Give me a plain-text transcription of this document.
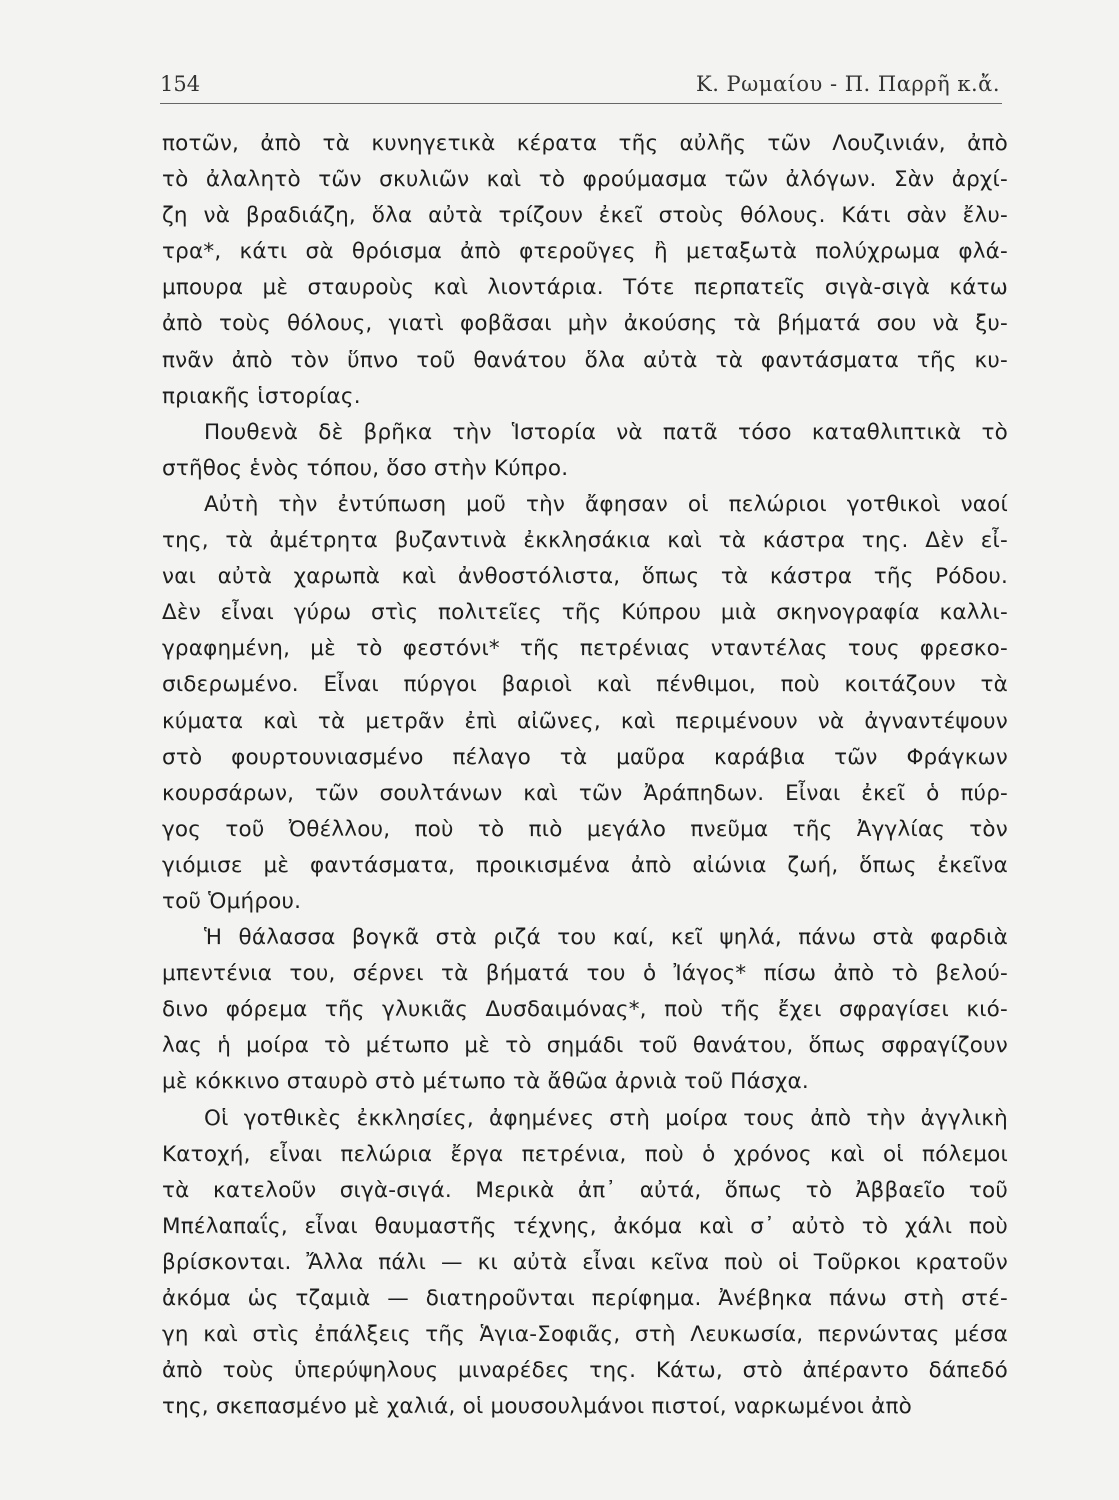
154	Κ. Ρωμαίου - Π. Παρρῆ κ.ἄ.
ποτῶν, ἀπὸ τὰ κυνηγετικὰ κέρατα τῆς αὐλῆς τῶν Λουζινιάν, ἀπὸ
τὸ ἀλαλητὸ τῶν σκυλιῶν καὶ τὸ φρούμασμα τῶν ἀλόγων. Σὰν ἀρχί-
ζη νὰ βραδιάζη, ὅλα αὐτὰ τρίζουν ἐκεῖ στοὺς θόλους. Κάτι σὰν ἔλυ-
τρα*, κάτι σὰ θρόισμα ἀπὸ φτεροῦγες ἢ μεταξωτὰ πολύχρωμα φλά-
μπουρα μὲ σταυροὺς καὶ λιοντάρια. Τότε περπατεῖς σιγὰ-σιγὰ κάτω
ἀπὸ τοὺς θόλους, γιατὶ φοβᾶσαι μὴν ἀκούσης τὰ βήματά σου νὰ ξυ-
πνᾶν ἀπὸ τὸν ὕπνο τοῦ θανάτου ὅλα αὐτὰ τὰ φαντάσματα τῆς κυ-
πριακῆς ἱστορίας.
Πουθενὰ δὲ βρῆκα τὴν Ἱστορία νὰ πατᾶ τόσο καταθλιπτικὰ τὸ
στῆθος ἑνὸς τόπου, ὅσο στὴν Κύπρο.
Αὐτὴ τὴν ἐντύπωση μοῦ τὴν ἄφησαν οἱ πελώριοι γοτθικοὶ ναοί
της, τὰ ἀμέτρητα βυζαντινὰ ἐκκλησάκια καὶ τὰ κάστρα της. Δὲν εἶ-
ναι αὐτὰ χαρωπὰ καὶ ἀνθοστόλιστα, ὅπως τὰ κάστρα τῆς Ρόδου.
Δὲν εἶναι γύρω στὶς πολιτεῖες τῆς Κύπρου μιὰ σκηνογραφία καλλι-
γραφημένη, μὲ τὸ φεστόνι* τῆς πετρένιας νταντέλας τους φρεσκο-
σιδερωμένο. Εἶναι πύργοι βαριοὶ καὶ πένθιμοι, ποὺ κοιτάζουν τὰ
κύματα καὶ τὰ μετρᾶν ἐπὶ αἰῶνες, καὶ περιμένουν νὰ ἀγναντέψουν
στὸ φουρτουνιασμένο πέλαγο τὰ μαῦρα καράβια τῶν Φράγκων
κουρσάρων, τῶν σουλτάνων καὶ τῶν Ἀράπηδων. Εἶναι ἐκεῖ ὁ πύρ-
γος τοῦ Ὀθέλλου, ποὺ τὸ πιὸ μεγάλο πνεῦμα τῆς Ἀγγλίας τὸν
γιόμισε μὲ φαντάσματα, προικισμένα ἀπὸ αἰώνια ζωή, ὅπως ἐκεῖνα
τοῦ Ὁμήρου.
Ἡ θάλασσα βογκᾶ στὰ ριζά του καί, κεῖ ψηλά, πάνω στὰ φαρδιὰ
μπεντένια του, σέρνει τὰ βήματά του ὁ Ἰάγος* πίσω ἀπὸ τὸ βελού-
δινο φόρεμα τῆς γλυκιᾶς Δυσδαιμόνας*, ποὺ τῆς ἔχει σφραγίσει κιό-
λας ἡ μοίρα τὸ μέτωπο μὲ τὸ σημάδι τοῦ θανάτου, ὅπως σφραγίζουν
μὲ κόκκινο σταυρὸ στὸ μέτωπο τὰ ἄθῶα ἀρνιὰ τοῦ Πάσχα.
Οἱ γοτθικὲς ἐκκλησίες, ἀφημένες στὴ μοίρα τους ἀπὸ τὴν ἀγγλικὴ
Κατοχή, εἶναι πελώρια ἔργα πετρένια, ποὺ ὁ χρόνος καὶ οἱ πόλεμοι
τὰ κατελοῦν σιγὰ-σιγά. Μερικὰ ἀπ᾿ αὐτά, ὅπως τὸ Ἀββαεῖο τοῦ
Μπέλαπαΐς, εἶναι θαυμαστῆς τέχνης, ἀκόμα καὶ σ᾿ αὐτὸ τὸ χάλι ποὺ
βρίσκονται. Ἄλλα πάλι — κι αὐτὰ εἶναι κεῖνα ποὺ οἱ Τοῦρκοι κρατοῦν
ἀκόμα ὡς τζαμιὰ — διατηροῦνται περίφημα. Ἀνέβηκα πάνω στὴ στέ-
γη καὶ στὶς ἐπάλξεις τῆς Ἁγια-Σοφιᾶς, στὴ Λευκωσία, περνώντας μέσα
ἀπὸ τοὺς ὑπερύψηλους μιναρέδες της. Κάτω, στὸ ἀπέραντο δάπεδό
της, σκεπασμένο μὲ χαλιά, οἱ μουσουλμάνοι πιστοί, ναρκωμένοι ἀπὸ
